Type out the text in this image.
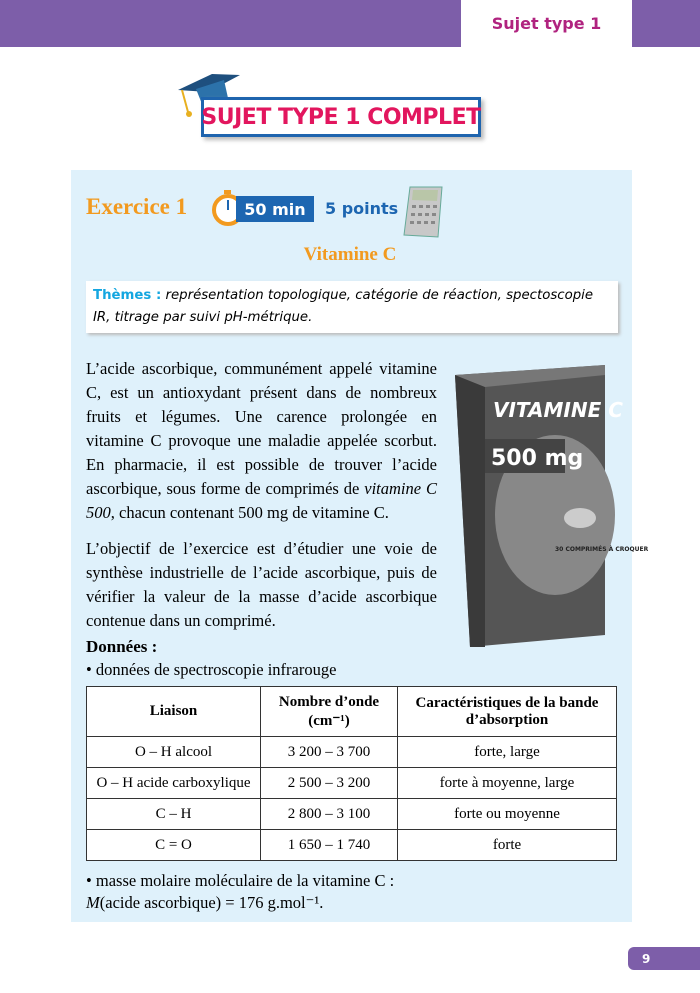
Sujet type 1
SUJET TYPE 1 COMPLET
Exercice 1	50 min	5 points
Vitamine C
Thèmes : représentation topologique, catégorie de réaction, spectoscopie IR, titrage par suivi pH-métrique.

L’acide ascorbique, communément appelé vitamine C, est un antioxydant présent dans de nombreux fruits et légumes. Une carence prolongée en vitamine C provoque une maladie appelée scorbut. En pharmacie, il est possible de trouver l’acide ascorbique, sous forme de comprimés de vitamine C 500, chacun contenant 500 mg de vitamine C.

L’objectif de l’exercice est d’étudier une voie de synthèse industrielle de l’acide ascorbique, puis de vérifier la valeur de la masse d’acide ascorbique contenue dans un comprimé.

VITAMINE C
500 mg
30 COMPRIMÉS À CROQUER
Données :
• données de spectroscopie infrarouge
Liaison	Nombre d’onde (cm⁻¹)	Caractéristiques de la bande d’absorption
O – H alcool	3 200 – 3 700	forte, large
O – H acide carboxylique	2 500 – 3 200	forte à moyenne, large
C – H	2 800 – 3 100	forte ou moyenne
C = O	1 650 – 1 740	forte
• masse molaire moléculaire de la vitamine C :
M(acide ascorbique) = 176 g.mol⁻¹.
9
